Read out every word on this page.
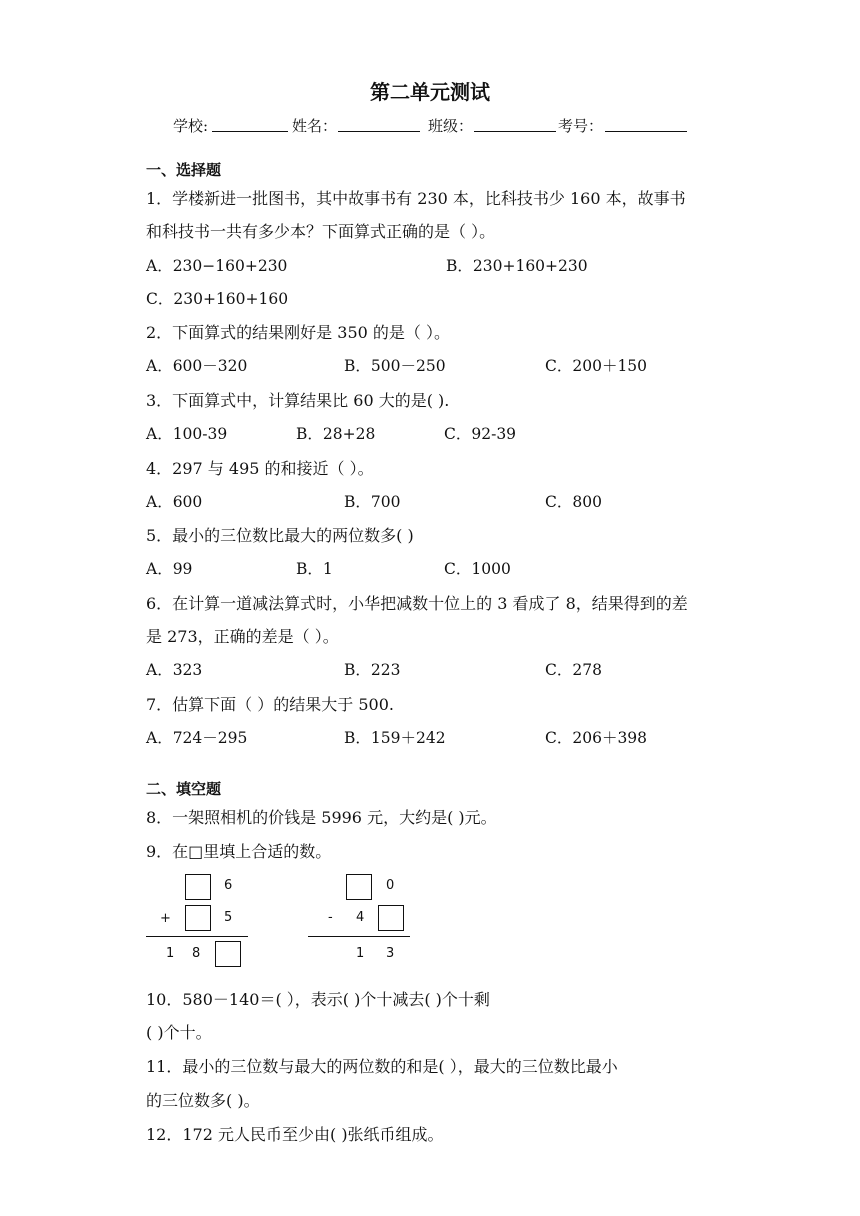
第二单元测试
学校:	姓名：	班级：	考号：
一、选择题
1．学楼新进一批图书，其中故事书有 230 本，比科技书少 160 本，故事书
和科技书一共有多少本？下面算式正确的是（ ）。
A．230−160+230	B．230+160+230
C．230+160+160
2．下面算式的结果刚好是 350 的是（ ）。
A．600－320	B．500－250	C．200＋150
3．下面算式中，计算结果比 60 大的是( ).
A．100-39	B．28+28	C．92-39
4．297 与 495 的和接近（ ）。
A．600	B．700	C．800
5．最小的三位数比最大的两位数多( )
A．99	B．1	C．1000
6．在计算一道减法算式时，小华把减数十位上的 3 看成了 8，结果得到的差
是 273，正确的差是（ ）。
A．323	B．223	C．278
7．估算下面（ ）的结果大于 500.
A．724－295	B．159＋242	C．206＋398
二、填空题
8．一架照相机的价钱是 5996 元，大约是( )元。
9．在□里填上合适的数。
6
+	5
1 8
0
- 4
1 3
10．580－140＝( ），表示( )个十减去( )个十剩
( )个十。
11．最小的三位数与最大的两位数的和是( ），最大的三位数比最小
的三位数多( )。
12．172 元人民币至少由( )张纸币组成。
